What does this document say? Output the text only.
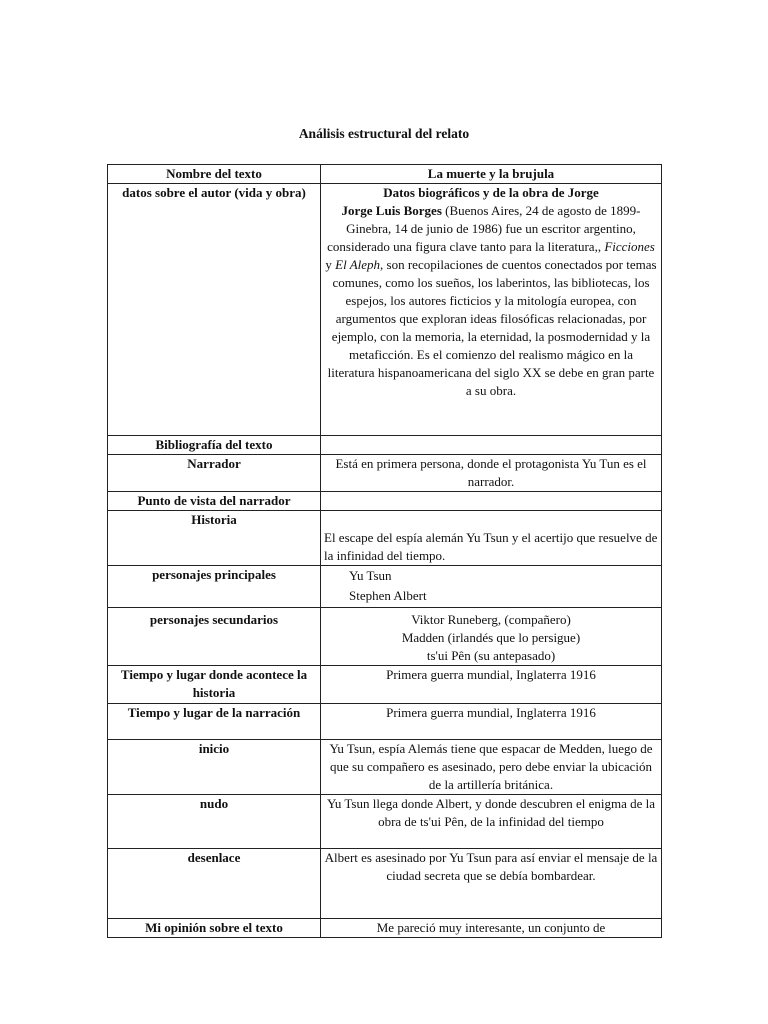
Análisis estructural del relato
Nombre del texto	La muerte y la brujula
datos sobre el autor (vida y obra)	Datos biográficos y de la obra de Jorge
Jorge Luis Borges (Buenos Aires, 24 de agosto de 1899-Ginebra, 14 de junio de 1986) fue un escritor argentino, considerado una figura clave tanto para la literatura,, Ficciones y El Aleph, son recopilaciones de cuentos conectados por temas comunes, como los sueños, los laberintos, las bibliotecas, los espejos, los autores ficticios y la mitología europea, con argumentos que exploran ideas filosóficas relacionadas, por ejemplo, con la memoria, la eternidad, la posmodernidad y la metaficción. Es el comienzo del realismo mágico en la literatura hispanoamericana del siglo XX se debe en gran parte a su obra.
Bibliografía del texto	
Narrador	Está en primera persona, donde el protagonista Yu Tun es el narrador.
Punto de vista del narrador	
Historia	El escape del espía alemán Yu Tsun y el acertijo que resuelve de la infinidad del tiempo.
personajes principales	Yu Tsun
Stephen Albert

personajes secundarios	Viktor Runeberg, (compañero)
Madden (irlandés que lo persigue)
ts'ui Pên (su antepasado)

Tiempo y lugar donde acontece la historia	Primera guerra mundial, Inglaterra 1916
Tiempo y lugar de la narración	Primera guerra mundial, Inglaterra 1916
inicio	Yu Tsun, espía Alemás tiene que espacar de Medden, luego de que su compañero es asesinado, pero debe enviar la ubicación de la artillería británica.
nudo	Yu Tsun llega donde Albert, y donde descubren el enigma de la obra de ts'ui Pên, de la infinidad del tiempo
desenlace	Albert es asesinado por Yu Tsun para así enviar el mensaje de la ciudad secreta que se debía bombardear.
Mi opinión sobre el texto	Me pareció muy interesante, un conjunto de
